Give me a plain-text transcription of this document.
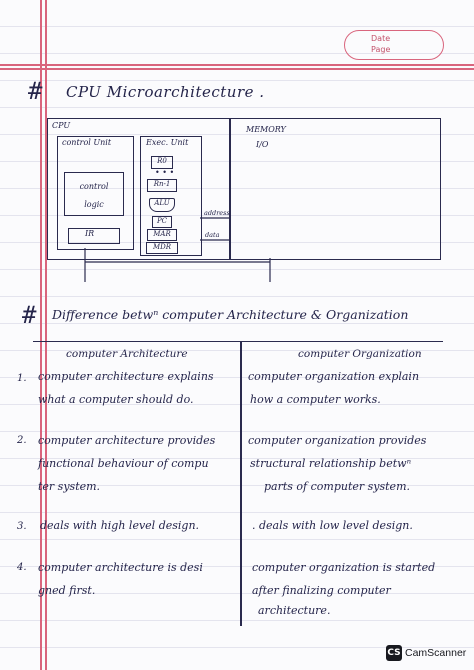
Date
Page
# CPU Microarchitecture .
CPU
control Unit
control logic
IR
Exec. Unit
R0
• • •
Rn-1
ALU
PC
MAR
MDR
MEMORY
I/O
address
data
# Difference betwⁿ computer Architecture & Organization
computer Architecture	computer Organization
1. computer architecture explains
what a computer should do.
computer organization explain
how a computer works.
2. computer architecture provides
functional behaviour of compu
ter system.
computer organization provides
structural relationship betwⁿ
parts of computer system.
3. deals with high level design.	. deals with low level design.
4. computer architecture is desi
gned first.
computer organization is started
after finalizing computer
architecture.
CS CamScanner
